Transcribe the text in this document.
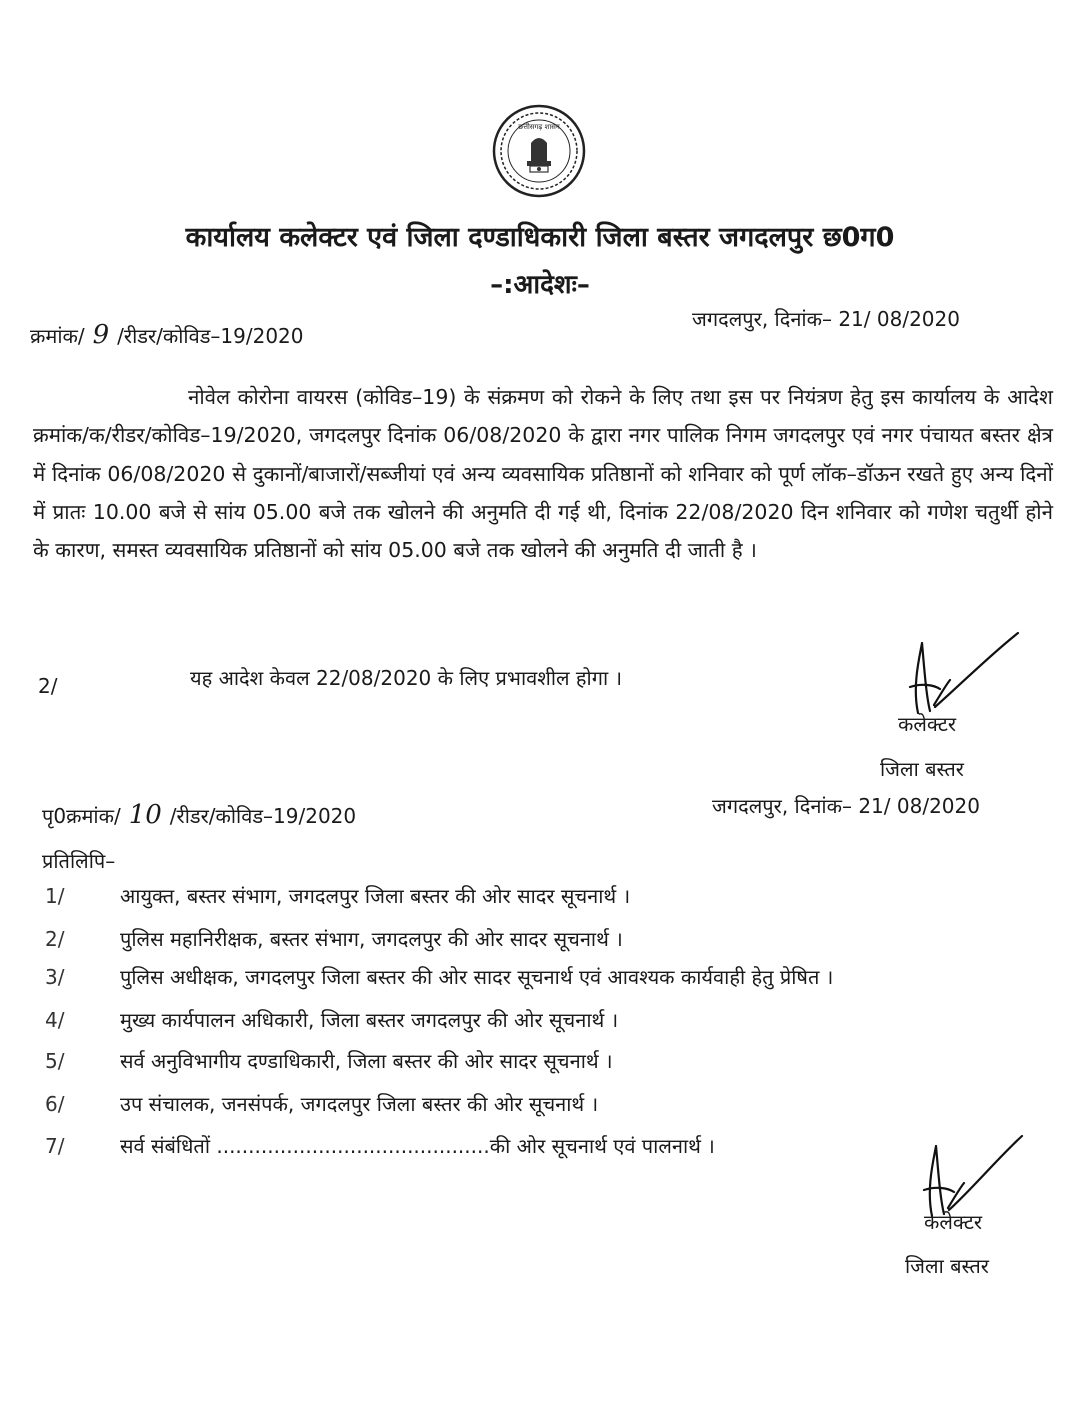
छत्तीसगढ़ शासन
कार्यालय कलेक्टर एवं जिला दण्डाधिकारी जिला बस्तर जगदलपुर छ0ग0
–:आदेशः–
क्रमांक/ 9 /रीडर/कोविड–19/2020
जगदलपुर, दिनांक– 21/ 08/2020
नोवेल कोरोना वायरस (कोविड–19) के संक्रमण को रोकने के लिए तथा इस पर नियंत्रण हेतु इस कार्यालय के आदेश क्रमांक/क/रीडर/कोविड–19/2020, जगदलपुर दिनांक 06/08/2020 के द्वारा नगर पालिक निगम जगदलपुर एवं नगर पंचायत बस्तर क्षेत्र में दिनांक 06/08/2020 से दुकानों/बाजारों/सब्जीयां एवं अन्य व्यवसायिक प्रतिष्ठानों को शनिवार को पूर्ण लॉक–डॉऊन रखते हुए अन्य दिनों में प्रातः 10.00 बजे से सांय 05.00 बजे तक खोलने की अनुमति दी गई थी, दिनांक 22/08/2020 दिन शनिवार को गणेश चतुर्थी होने के कारण, समस्त व्यवसायिक प्रतिष्ठानों को सांय 05.00 बजे तक खोलने की अनुमति दी जाती है ।
2/	यह आदेश केवल 22/08/2020 के लिए प्रभावशील होगा ।
कलेक्टर
जिला बस्तर
पृ0क्रमांक/ 10 /रीडर/कोविड–19/2020	जगदलपुर, दिनांक– 21/ 08/2020
प्रतिलिपि–
1/	आयुक्त, बस्तर संभाग, जगदलपुर जिला बस्तर की ओर सादर सूचनार्थ ।
2/	पुलिस महानिरीक्षक, बस्तर संभाग, जगदलपुर की ओर सादर सूचनार्थ ।
3/	पुलिस अधीक्षक, जगदलपुर जिला बस्तर की ओर सादर सूचनार्थ एवं आवश्यक कार्यवाही हेतु प्रेषित ।
4/	मुख्य कार्यपालन अधिकारी, जिला बस्तर जगदलपुर की ओर सूचनार्थ ।
5/	सर्व अनुविभागीय दण्डाधिकारी, जिला बस्तर की ओर सादर सूचनार्थ ।
6/	उप संचालक, जनसंपर्क, जगदलपुर जिला बस्तर की ओर सूचनार्थ ।
7/	सर्व संबंधितों ...........................................की ओर सूचनार्थ एवं पालनार्थ ।
कलेक्टर
जिला बस्तर
